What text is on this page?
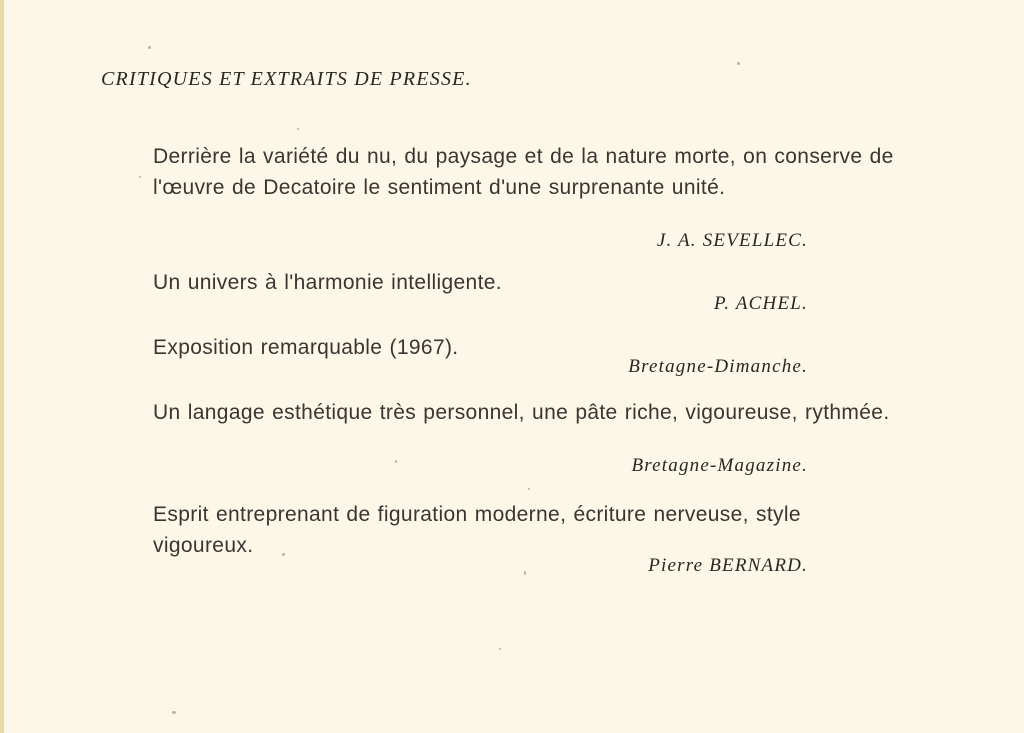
CRITIQUES ET EXTRAITS DE PRESSE.
Derrière la variété du nu, du paysage et de la nature morte, on conserve de l'œuvre de Decatoire le sentiment d'une surprenante unité.
J. A. SEVELLEC.
Un univers à l'harmonie intelligente.
P. ACHEL.
Exposition remarquable (1967).
Bretagne-Dimanche.
Un langage esthétique très personnel, une pâte riche, vigoureuse, rythmée.
Bretagne-Magazine.
Esprit entreprenant de figuration moderne, écriture nerveuse, style vigoureux.
Pierre BERNARD.
